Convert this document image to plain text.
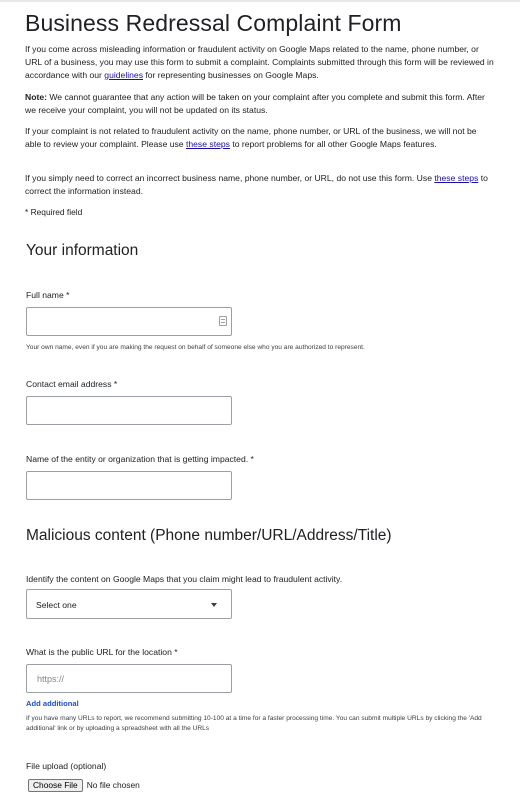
Business Redressal Complaint Form

If you come across misleading information or fraudulent activity on Google Maps related to the name, phone number, or URL of a business, you may use this form to submit a complaint. Complaints submitted through this form will be reviewed in accordance with our guidelines for representing businesses on Google Maps.

Note: We cannot guarantee that any action will be taken on your complaint after you complete and submit this form. After we receive your complaint, you will not be updated on its status.

If your complaint is not related to fraudulent activity on the name, phone number, or URL of the business, we will not be able to review your complaint. Please use these steps to report problems for all other Google Maps features.

If you simply need to correct an incorrect business name, phone number, or URL, do not use this form. Use these steps to correct the information instead.

* Required field

Your information

Full name *

Your own name, even if you are making the request on behalf of someone else who you are authorized to represent.

Contact email address *

Name of the entity or organization that is getting impacted. *

Malicious content (Phone number/URL/Address/Title)

Identify the content on Google Maps that you claim might lead to fraudulent activity.

Select one

What is the public URL for the location *

https://

Add additional

If you have many URLs to report, we recommend submitting 10-100 at a time for a faster processing time. You can submit multiple URLs by clicking the 'Add additional' link or by uploading a spreadsheet with all the URLs

File upload (optional)

Choose File No file chosen
